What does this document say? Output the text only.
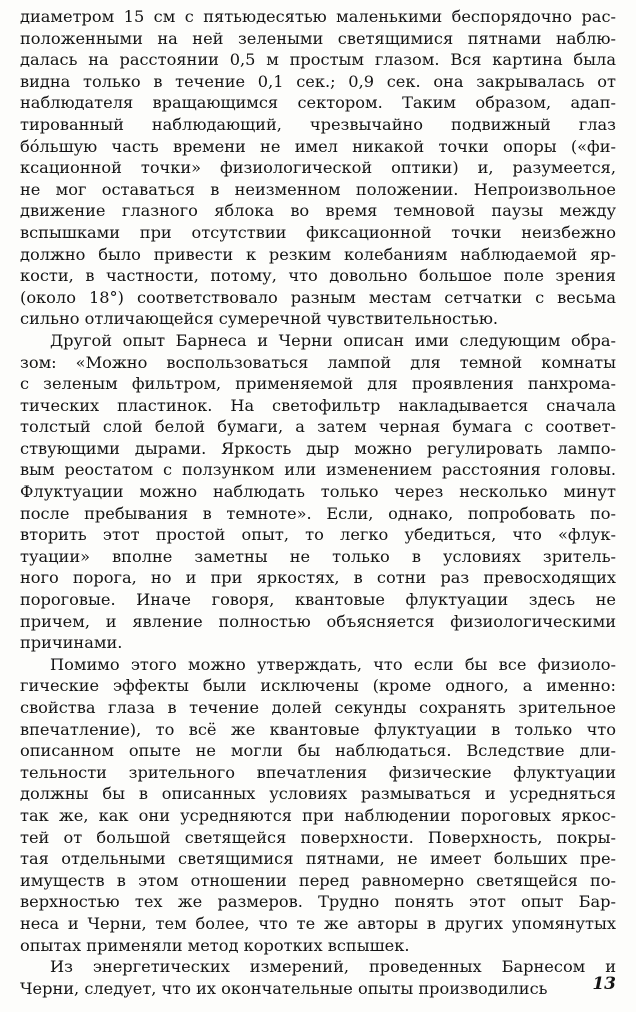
диаметром 15 см с пятьюдесятью маленькими беспорядочно рас-
положенными на ней зелеными светящимися пятнами наблю-
далась на расстоянии 0,5 м простым глазом. Вся картина была
видна только в течение 0,1 сек.; 0,9 сек. она закрывалась от
наблюдателя вращающимся сектором. Таким образом, адап-
тированный наблюдающий, чрезвычайно подвижный глаз
бо́льшую часть времени не имел никакой точки опоры («фи-
ксационной точки» физиологической оптики) и, разумеется,
не мог оставаться в неизменном положении. Непроизвольное
движение глазного яблока во время темновой паузы между
вспышками при отсутствии фиксационной точки неизбежно
должно было привести к резким колебаниям наблюдаемой яр-
кости, в частности, потому, что довольно большое поле зрения
(около 18°) соответствовало разным местам сетчатки с весьма
сильно отличающейся сумеречной чувствительностью.
Другой опыт Барнеса и Черни описан ими следующим обра-
зом: «Можно воспользоваться лампой для темной комнаты
с зеленым фильтром, применяемой для проявления панхрома-
тических пластинок. На светофильтр накладывается сначала
толстый слой белой бумаги, а затем черная бумага с соответ-
ствующими дырами. Яркость дыр можно регулировать лампо-
вым реостатом с ползунком или изменением расстояния головы.
Флуктуации можно наблюдать только через несколько минут
после пребывания в темноте». Если, однако, попробовать по-
вторить этот простой опыт, то легко убедиться, что «флук-
туации» вполне заметны не только в условиях зритель-
ного порога, но и при яркостях, в сотни раз превосходящих
пороговые. Иначе говоря, квантовые флуктуации здесь не
причем, и явление полностью объясняется физиологическими
причинами.
Помимо этого можно утверждать, что если бы все физиоло-
гические эффекты были исключены (кроме одного, а именно:
свойства глаза в течение долей секунды сохранять зрительное
впечатление), то всё же квантовые флуктуации в только что
описанном опыте не могли бы наблюдаться. Вследствие дли-
тельности зрительного впечатления физические флуктуации
должны бы в описанных условиях размываться и усредняться
так же, как они усредняются при наблюдении пороговых яркос-
тей от большой светящейся поверхности. Поверхность, покры-
тая отдельными светящимися пятнами, не имеет больших пре-
имуществ в этом отношении перед равномерно светящейся по-
верхностью тех же размеров. Трудно понять этот опыт Бар-
неса и Черни, тем более, что те же авторы в других упомянутых
опытах применяли метод коротких вспышек.
Из энергетических измерений, проведенных Барнесом и
Черни, следует, что их окончательные опыты производились	13
